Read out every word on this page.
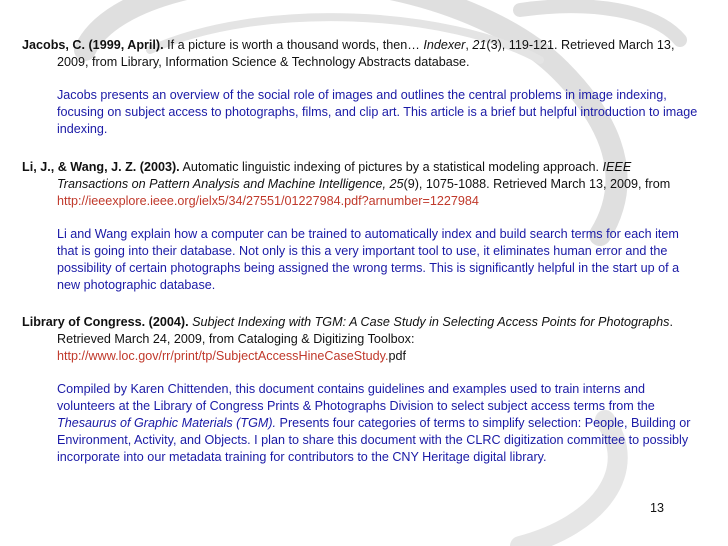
Jacobs, C. (1999, April). If a picture is worth a thousand words, then… Indexer, 21(3), 119-121. Retrieved March 13, 2009, from Library, Information Science & Technology Abstracts database.

Jacobs presents an overview of the social role of images and outlines the central problems in image indexing, focusing on subject access to photographs, films, and clip art. This article is a brief but helpful introduction to image indexing.

Li, J., & Wang, J. Z. (2003). Automatic linguistic indexing of pictures by a statistical modeling approach. IEEE Transactions on Pattern Analysis and Machine Intelligence, 25(9), 1075-1088. Retrieved March 13, 2009, from http://ieeexplore.ieee.org/ielx5/34/27551/01227984.pdf?arnumber=1227984

Li and Wang explain how a computer can be trained to automatically index and build search terms for each item that is going into their database. Not only is this a very important tool to use, it eliminates human error and the possibility of certain photographs being assigned the wrong terms. This is significantly helpful in the start up of a new photographic database.

Library of Congress. (2004). Subject Indexing with TGM: A Case Study in Selecting Access Points for Photographs. Retrieved March 24, 2009, from Cataloging & Digitizing Toolbox: http://www.loc.gov/rr/print/tp/SubjectAccessHineCaseStudy.pdf

Compiled by Karen Chittenden, this document contains guidelines and examples used to train interns and volunteers at the Library of Congress Prints & Photographs Division to select subject access terms from the Thesaurus of Graphic Materials (TGM). Presents four categories of terms to simplify selection: People, Building or Environment, Activity, and Objects. I plan to share this document with the CLRC digitization committee to possibly incorporate into our metadata training for contributors to the CNY Heritage digital library.

13
